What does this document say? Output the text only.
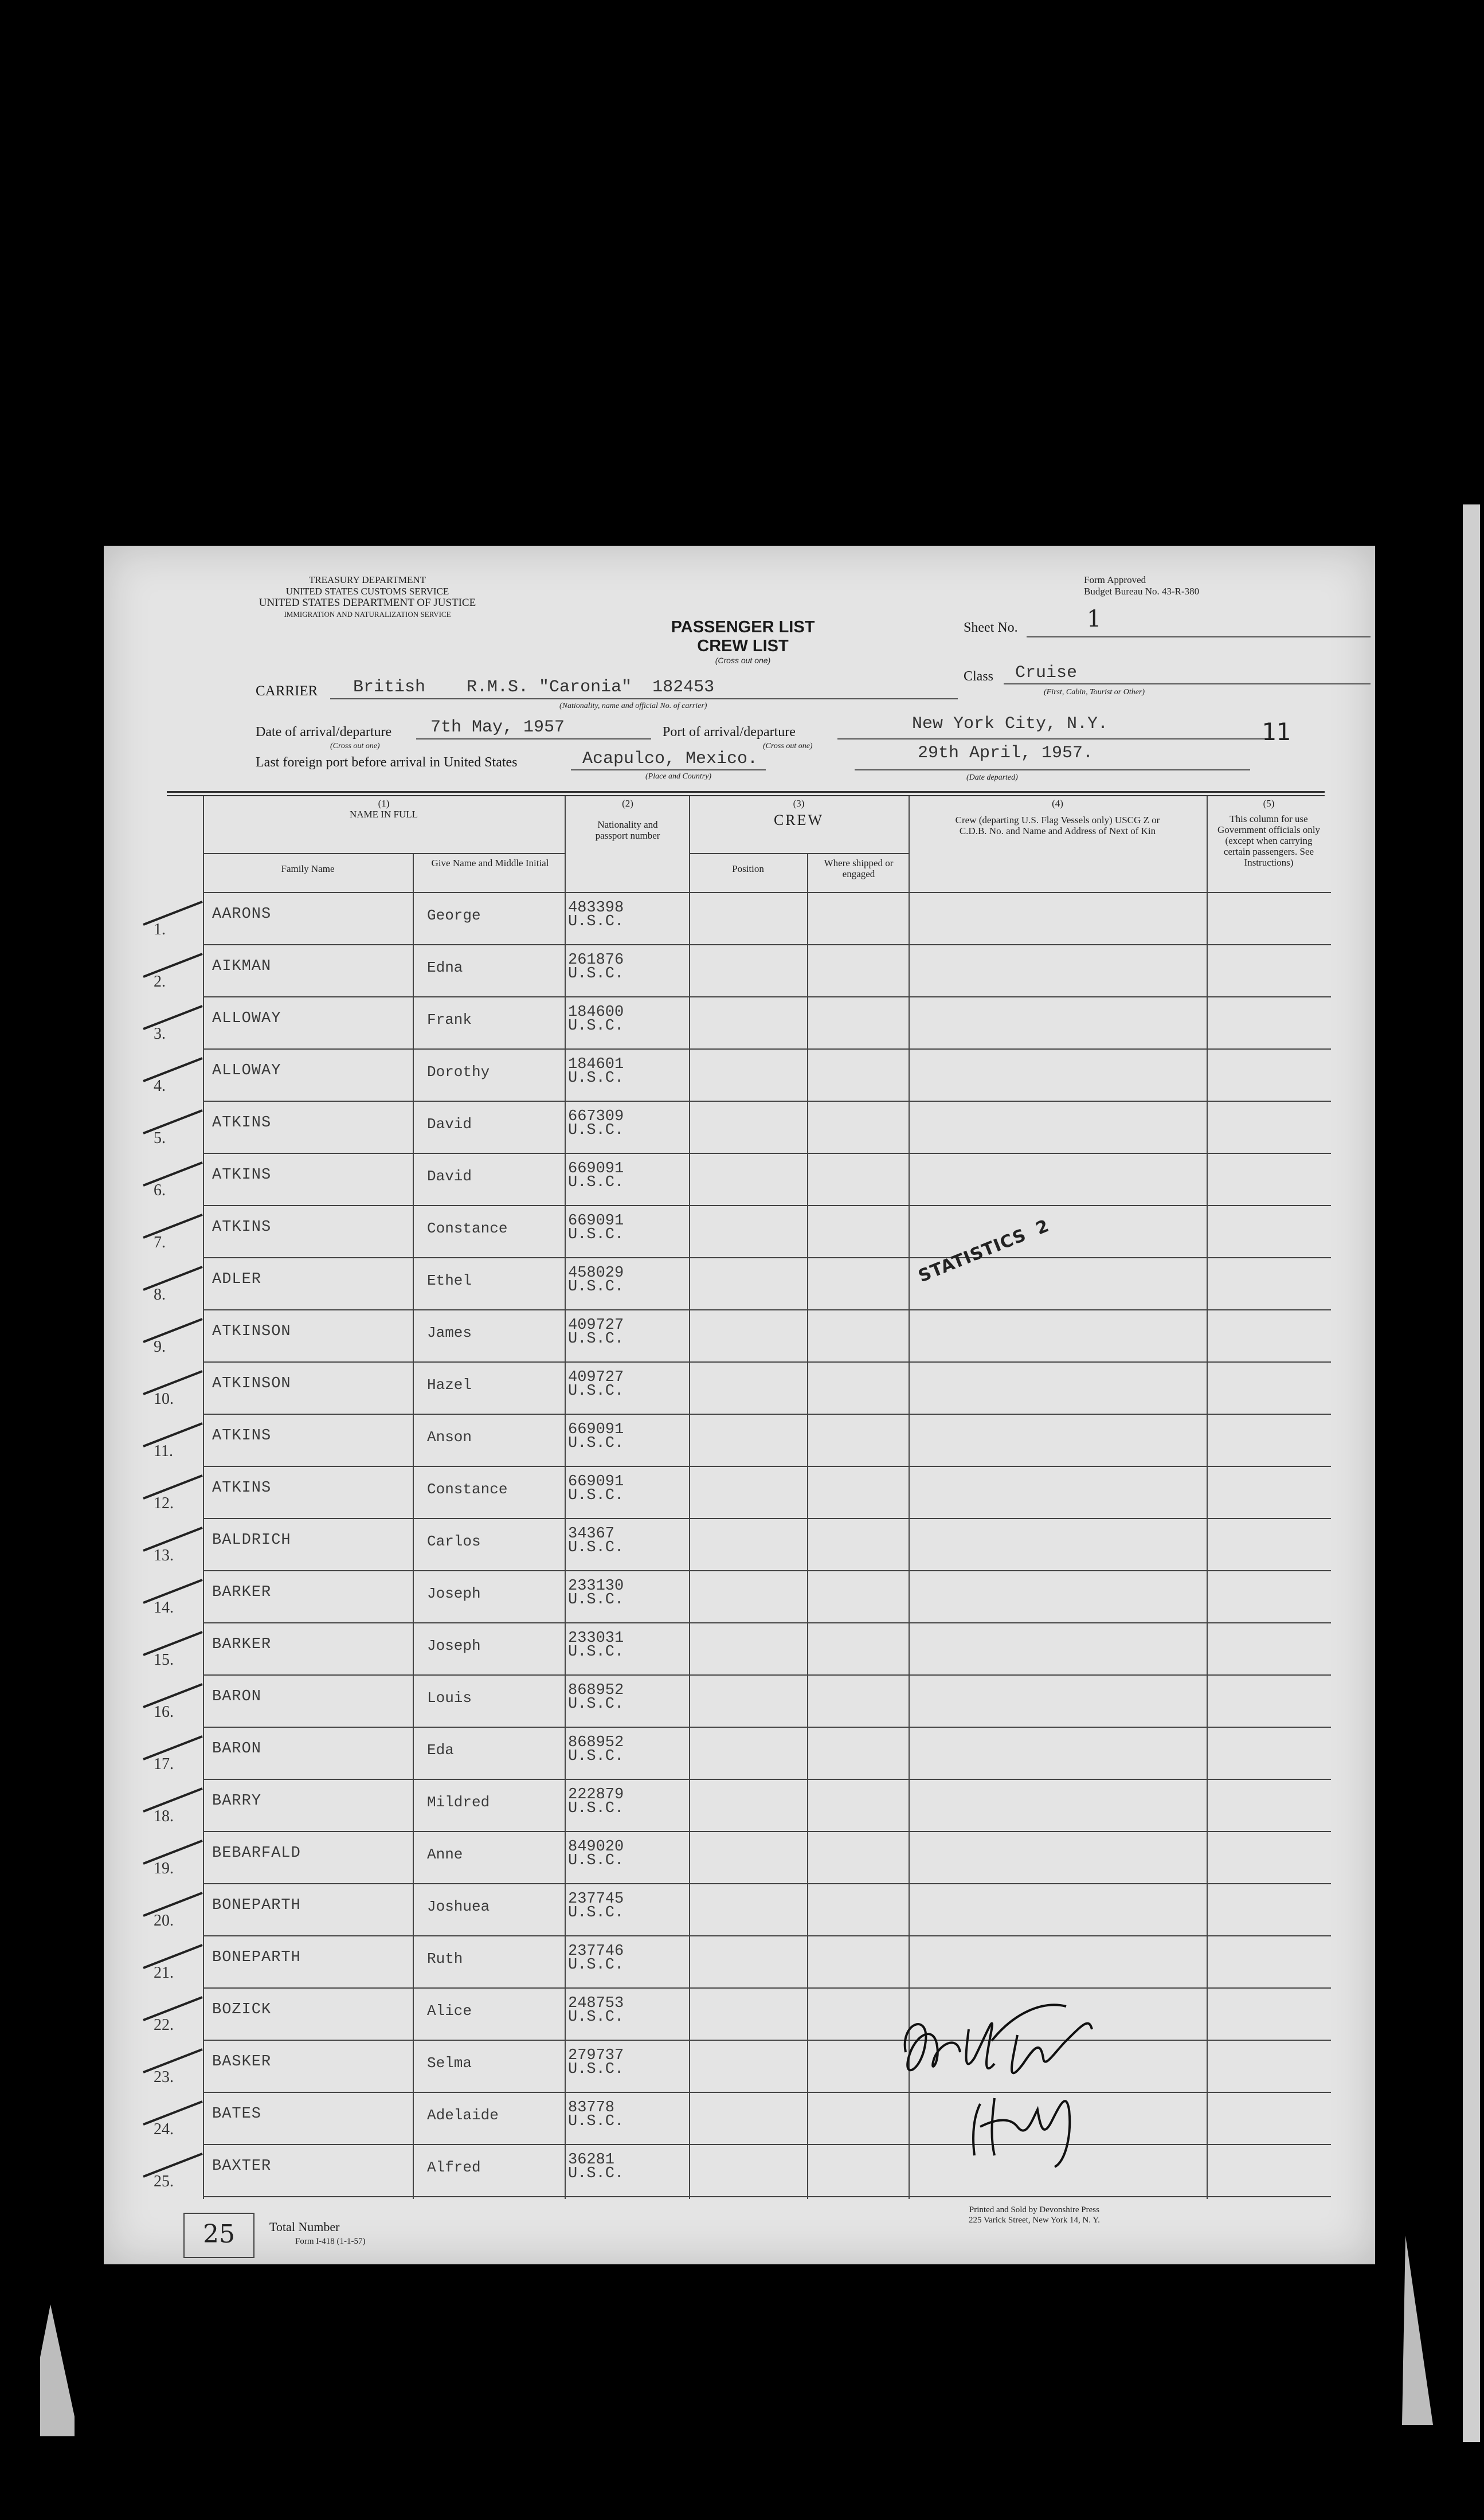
TREASURY DEPARTMENT
UNITED STATES CUSTOMS SERVICE
UNITED STATES DEPARTMENT OF JUSTICE
IMMIGRATION AND NATURALIZATION SERVICE
Form Approved
Budget Bureau No. 43-R-380
PASSENGER LIST
CREW LIST
(Cross out one)
Sheet No.	1
Class Cruise
(First, Cabin, Tourist or Other)
CARRIER British    R.M.S. "Caronia"  182453
(Nationality, name and official No. of carrier)
Date of arrival/departure 7th May, 1957
(Cross out one)
Port of arrival/departure	New York City, N.Y.
(Cross out one)
11
Last foreign port before arrival in United States	Acapulco, Mexico.
(Place and Country)
29th April, 1957.
(Date departed)
(1)
NAME IN FULL
Family Name
Give Name and Middle Initial
(2)
Nationality and passport number
(3)
CREW
Position
Where shipped or engaged
(4)
Crew (departing U.S. Flag Vessels only) USCG Z or C.D.B. No. and Name and Address of Next of Kin
(5)
This column for use Government officials only (except when carrying certain passengers. See Instructions)
1.
AARONS	George	483398
U.S.C.
2.
AIKMAN	Edna	261876
U.S.C.
3.
ALLOWAY	Frank	184600
U.S.C.
4.
ALLOWAY	Dorothy	184601
U.S.C.
5.
ATKINS	David	667309
U.S.C.
6.
ATKINS	David	669091
U.S.C.
7.
ATKINS	Constance	669091
U.S.C.
8.
ADLER	Ethel	458029
U.S.C.
9.
ATKINSON	James	409727
U.S.C.
10.
ATKINSON	Hazel	409727
U.S.C.
11.
ATKINS	Anson	669091
U.S.C.
12.
ATKINS	Constance	669091
U.S.C.
13.
BALDRICH	Carlos	34367
U.S.C.
14.
BARKER	Joseph	233130
U.S.C.
15.
BARKER	Joseph	233031
U.S.C.
16.
BARON	Louis	868952
U.S.C.
17.
BARON	Eda	868952
U.S.C.
18.
BARRY	Mildred	222879
U.S.C.
19.
BEBARFALD	Anne	849020
U.S.C.
20.
BONEPARTH	Joshuea	237745
U.S.C.
21.
BONEPARTH	Ruth	237746
U.S.C.
22.
BOZICK	Alice	248753
U.S.C.
23.
BASKER	Selma	279737
U.S.C.
24.
BATES	Adelaide	83778
U.S.C.
25.
BAXTER	Alfred	36281
U.S.C.
STATISTICS 2
25	Total Number
Form I-418 (1-1-57)
Printed and Sold by Devonshire Press
225 Varick Street, New York 14, N. Y.
